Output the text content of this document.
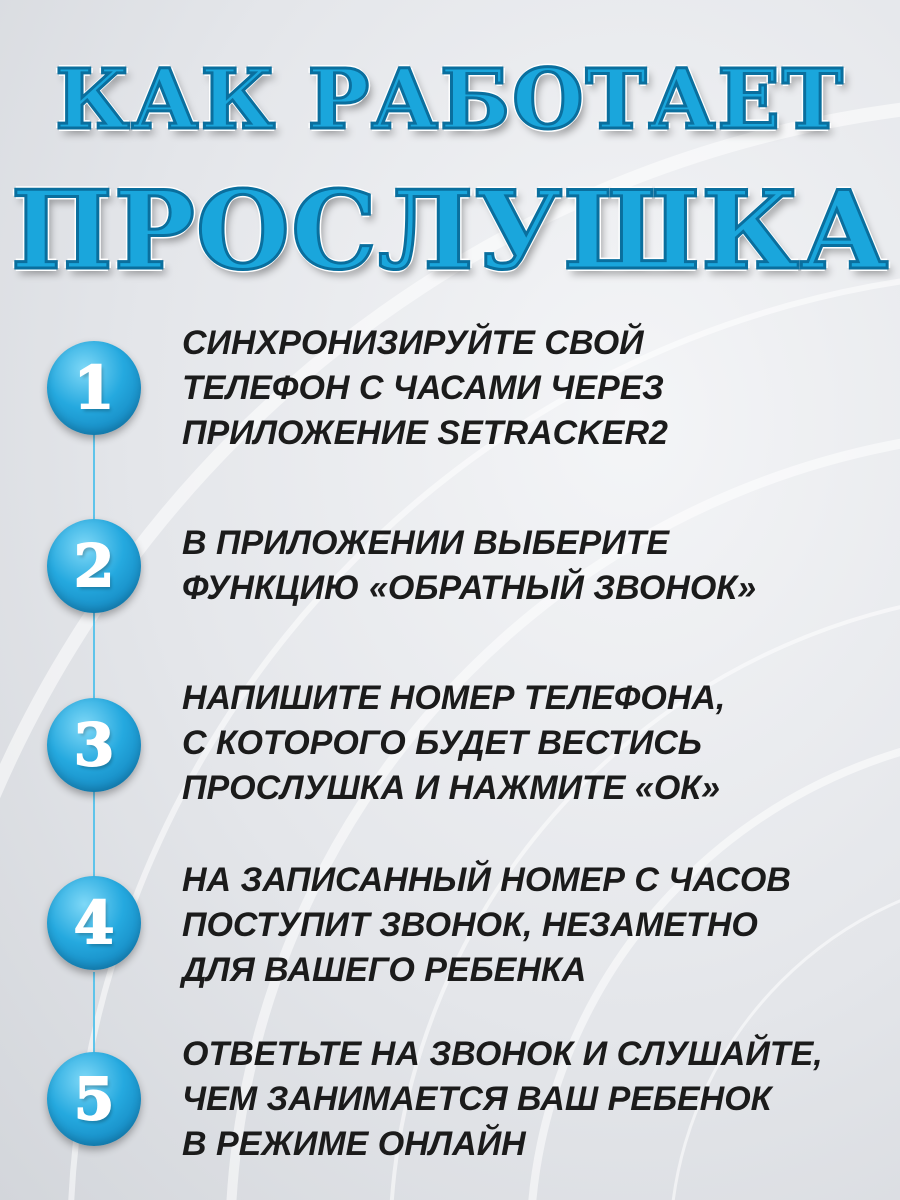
КАК РАБОТАЕТ
ПРОСЛУШКА
1
СИНХРОНИЗИРУЙТЕ СВОЙ
ТЕЛЕФОН С ЧАСАМИ ЧЕРЕЗ
ПРИЛОЖЕНИЕ SETRACKER2
2 В ПРИЛОЖЕНИИ ВЫБЕРИТЕ
ФУНКЦИЮ «ОБРАТНЫЙ ЗВОНОК»
3
НАПИШИТЕ НОМЕР ТЕЛЕФОНА,
С КОТОРОГО БУДЕТ ВЕСТИСЬ
ПРОСЛУШКА И НАЖМИТЕ «ОК»
4
НА ЗАПИСАННЫЙ НОМЕР С ЧАСОВ
ПОСТУПИТ ЗВОНОК, НЕЗАМЕТНО
ДЛЯ ВАШЕГО РЕБЕНКА
5
ОТВЕТЬТЕ НА ЗВОНОК И СЛУШАЙТЕ,
ЧЕМ ЗАНИМАЕТСЯ ВАШ РЕБЕНОК
В РЕЖИМЕ ОНЛАЙН
